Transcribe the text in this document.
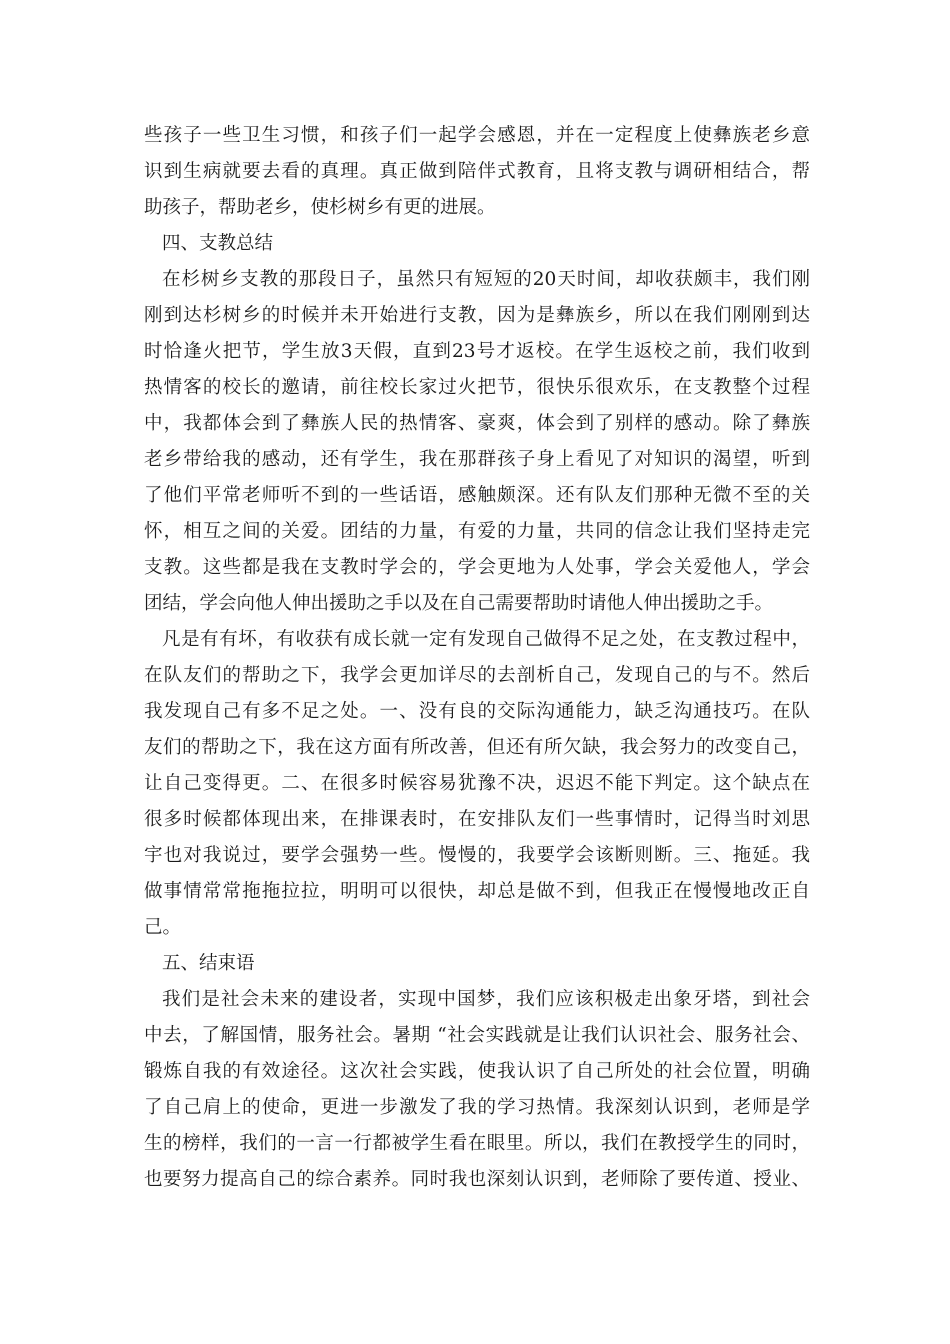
些孩子一些卫生习惯，和孩子们一起学会感恩，并在一定程度上使彝族老乡意
识到生病就要去看的真理。真正做到陪伴式教育，且将支教与调研相结合，帮
助孩子，帮助老乡，使杉树乡有更的进展。
四、支教总结
在杉树乡支教的那段日子，虽然只有短短的20天时间，却收获颇丰，我们刚
刚到达杉树乡的时候并未开始进行支教，因为是彝族乡，所以在我们刚刚到达
时恰逢火把节，学生放3天假，直到23号才返校。在学生返校之前，我们收到
热情客的校长的邀请，前往校长家过火把节，很快乐很欢乐，在支教整个过程
中，我都体会到了彝族人民的热情客、豪爽，体会到了别样的感动。除了彝族
老乡带给我的感动，还有学生，我在那群孩子身上看见了对知识的渴望，听到
了他们平常老师听不到的一些话语，感触颇深。还有队友们那种无微不至的关
怀，相互之间的关爱。团结的力量，有爱的力量，共同的信念让我们坚持走完
支教。这些都是我在支教时学会的，学会更地为人处事，学会关爱他人，学会
团结，学会向他人伸出援助之手以及在自己需要帮助时请他人伸出援助之手。
凡是有有坏，有收获有成长就一定有发现自己做得不足之处，在支教过程中，
在队友们的帮助之下，我学会更加详尽的去剖析自己，发现自己的与不。然后
我发现自己有多不足之处。一、没有良的交际沟通能力，缺乏沟通技巧。在队
友们的帮助之下，我在这方面有所改善，但还有所欠缺，我会努力的改变自己，
让自己变得更。二、在很多时候容易犹豫不决，迟迟不能下判定。这个缺点在
很多时候都体现出来，在排课表时，在安排队友们一些事情时，记得当时刘思
宇也对我说过，要学会强势一些。慢慢的，我要学会该断则断。三、拖延。我
做事情常常拖拖拉拉，明明可以很快，却总是做不到，但我正在慢慢地改正自
己。
五、结束语
我们是社会未来的建设者，实现中国梦，我们应该积极走出象牙塔，到社会
中去，了解国情，服务社会。暑期 “社会实践就是让我们认识社会、服务社会、
锻炼自我的有效途径。这次社会实践，使我认识了自己所处的社会位置，明确
了自己肩上的使命，更进一步激发了我的学习热情。我深刻认识到，老师是学
生的榜样，我们的一言一行都被学生看在眼里。所以，我们在教授学生的同时，
也要努力提高自己的综合素养。同时我也深刻认识到，老师除了要传道、授业、
